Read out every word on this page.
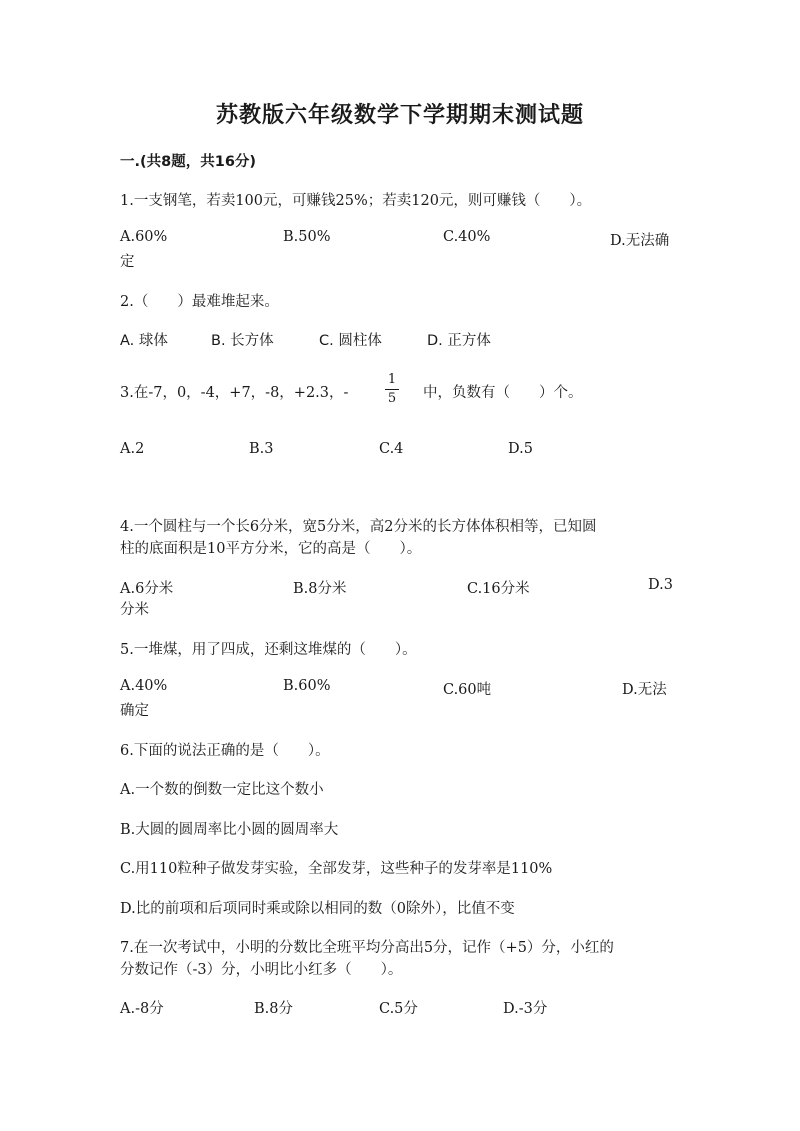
苏教版六年级数学下学期期末测试题
一.(共8题，共16分)
1.一支钢笔，若卖100元，可赚钱25%；若卖120元，则可赚钱（　　）。
A.60%	B.50%	C.40%	D.无法确
定
2.（　　）最难堆起来。
A. 球体	B. 长方体	C. 圆柱体	D. 正方体
3.在-7，0，-4，+7，-8，+2.3，-
1
5 中，负数有（　　）个。
A.2	B.3	C.4	D.5
4.一个圆柱与一个长6分米，宽5分米，高2分米的长方体体积相等，已知圆
柱的底面积是10平方分米，它的高是（　　）。
A.6分米	B.8分米	C.16分米	D.3
分米
5.一堆煤，用了四成，还剩这堆煤的（　　）。
A.40%	B.60%	C.60吨	D.无法
确定
6.下面的说法正确的是（　　）。
A.一个数的倒数一定比这个数小
B.大圆的圆周率比小圆的圆周率大
C.用110粒种子做发芽实验，全部发芽，这些种子的发芽率是110%
D.比的前项和后项同时乘或除以相同的数（0除外），比值不变
7.在一次考试中，小明的分数比全班平均分高出5分，记作（+5）分，小红的
分数记作（-3）分，小明比小红多（　　）。
A.-8分	B.8分	C.5分	D.-3分
